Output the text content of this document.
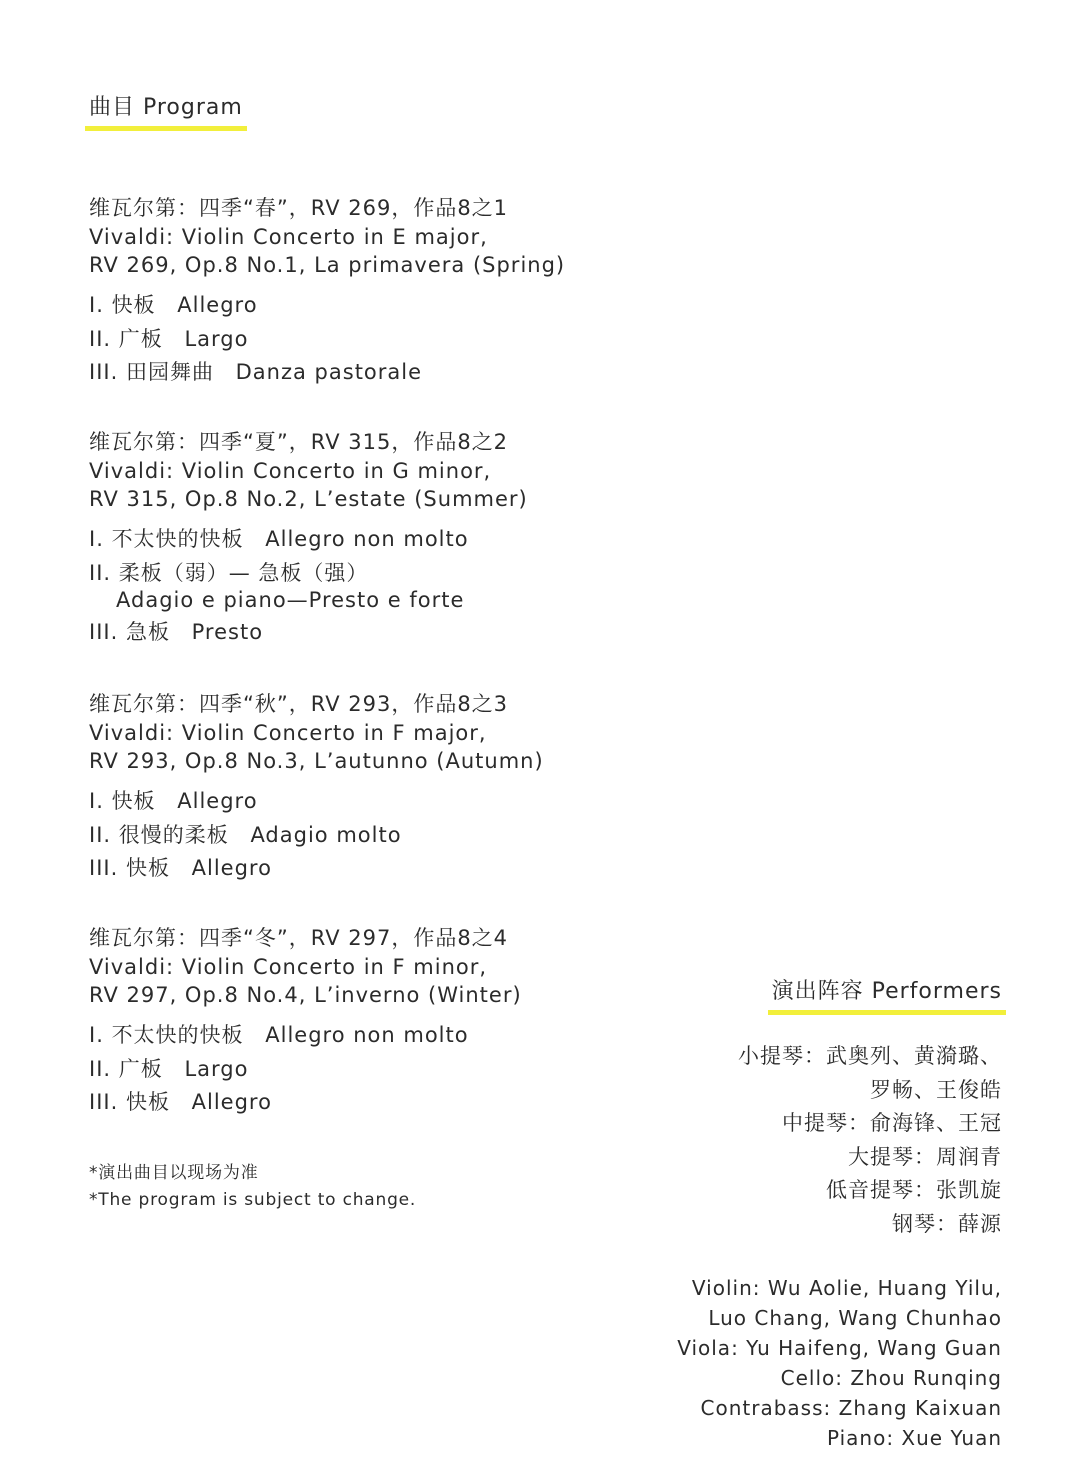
曲目 Program
维瓦尔第：四季“春”，RV 269，作品8之1
Vivaldi: Violin Concerto in E major,
RV 269, Op.8 No.1, La primavera (Spring)
I. 快板 Allegro
II. 广板 Largo
III. 田园舞曲 Danza pastorale
维瓦尔第：四季“夏”，RV 315，作品8之2
Vivaldi: Violin Concerto in G minor,
RV 315, Op.8 No.2, L’estate (Summer)
I. 不太快的快板 Allegro non molto
II. 柔板（弱）— 急板（强）
Adagio e piano—Presto e forte
III. 急板 Presto
维瓦尔第：四季“秋”，RV 293，作品8之3
Vivaldi: Violin Concerto in F major,
RV 293, Op.8 No.3, L’autunno (Autumn)
I. 快板 Allegro
II. 很慢的柔板 Adagio molto
III. 快板 Allegro
维瓦尔第：四季“冬”，RV 297，作品8之4
Vivaldi: Violin Concerto in F minor,
RV 297, Op.8 No.4, L’inverno (Winter)
I. 不太快的快板 Allegro non molto
II. 广板 Largo
III. 快板 Allegro
*演出曲目以现场为准
*The program is subject to change.
演出阵容 Performers
小提琴：武奥列、黄漪璐、
罗畅、王俊皓
中提琴：俞海锋、王冠
大提琴：周润青
低音提琴：张凯旋
钢琴：薛源
Violin: Wu Aolie, Huang Yilu,
Luo Chang, Wang Chunhao
Viola: Yu Haifeng, Wang Guan
Cello: Zhou Runqing
Contrabass: Zhang Kaixuan
Piano: Xue Yuan
